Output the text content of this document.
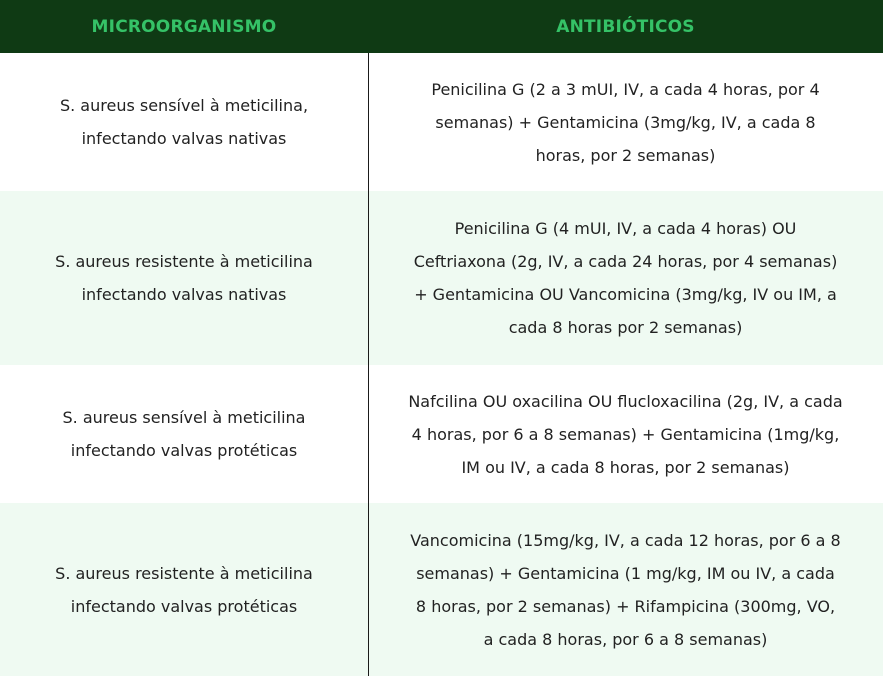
MICROORGANISMO	ANTIBIÓTICOS
S. aureus sensível à meticilina,
infectando valvas nativas
Penicilina G (2 a 3 mUI, IV, a cada 4 horas, por 4
semanas) + Gentamicina (3mg/kg, IV, a cada 8
horas, por 2 semanas)
S. aureus resistente à meticilina
infectando valvas nativas
Penicilina G (4 mUI, IV, a cada 4 horas) OU
Ceftriaxona (2g, IV, a cada 24 horas, por 4 semanas)
+ Gentamicina OU Vancomicina (3mg/kg, IV ou IM, a
cada 8 horas por 2 semanas)
S. aureus sensível à meticilina
infectando valvas protéticas
Nafcilina OU oxacilina OU flucloxacilina (2g, IV, a cada
4 horas, por 6 a 8 semanas) + Gentamicina (1mg/kg,
IM ou IV, a cada 8 horas, por 2 semanas)
S. aureus resistente à meticilina
infectando valvas protéticas
Vancomicina (15mg/kg, IV, a cada 12 horas, por 6 a 8
semanas) + Gentamicina (1 mg/kg, IM ou IV, a cada
8 horas, por 2 semanas) + Rifampicina (300mg, VO,
a cada 8 horas, por 6 a 8 semanas)
